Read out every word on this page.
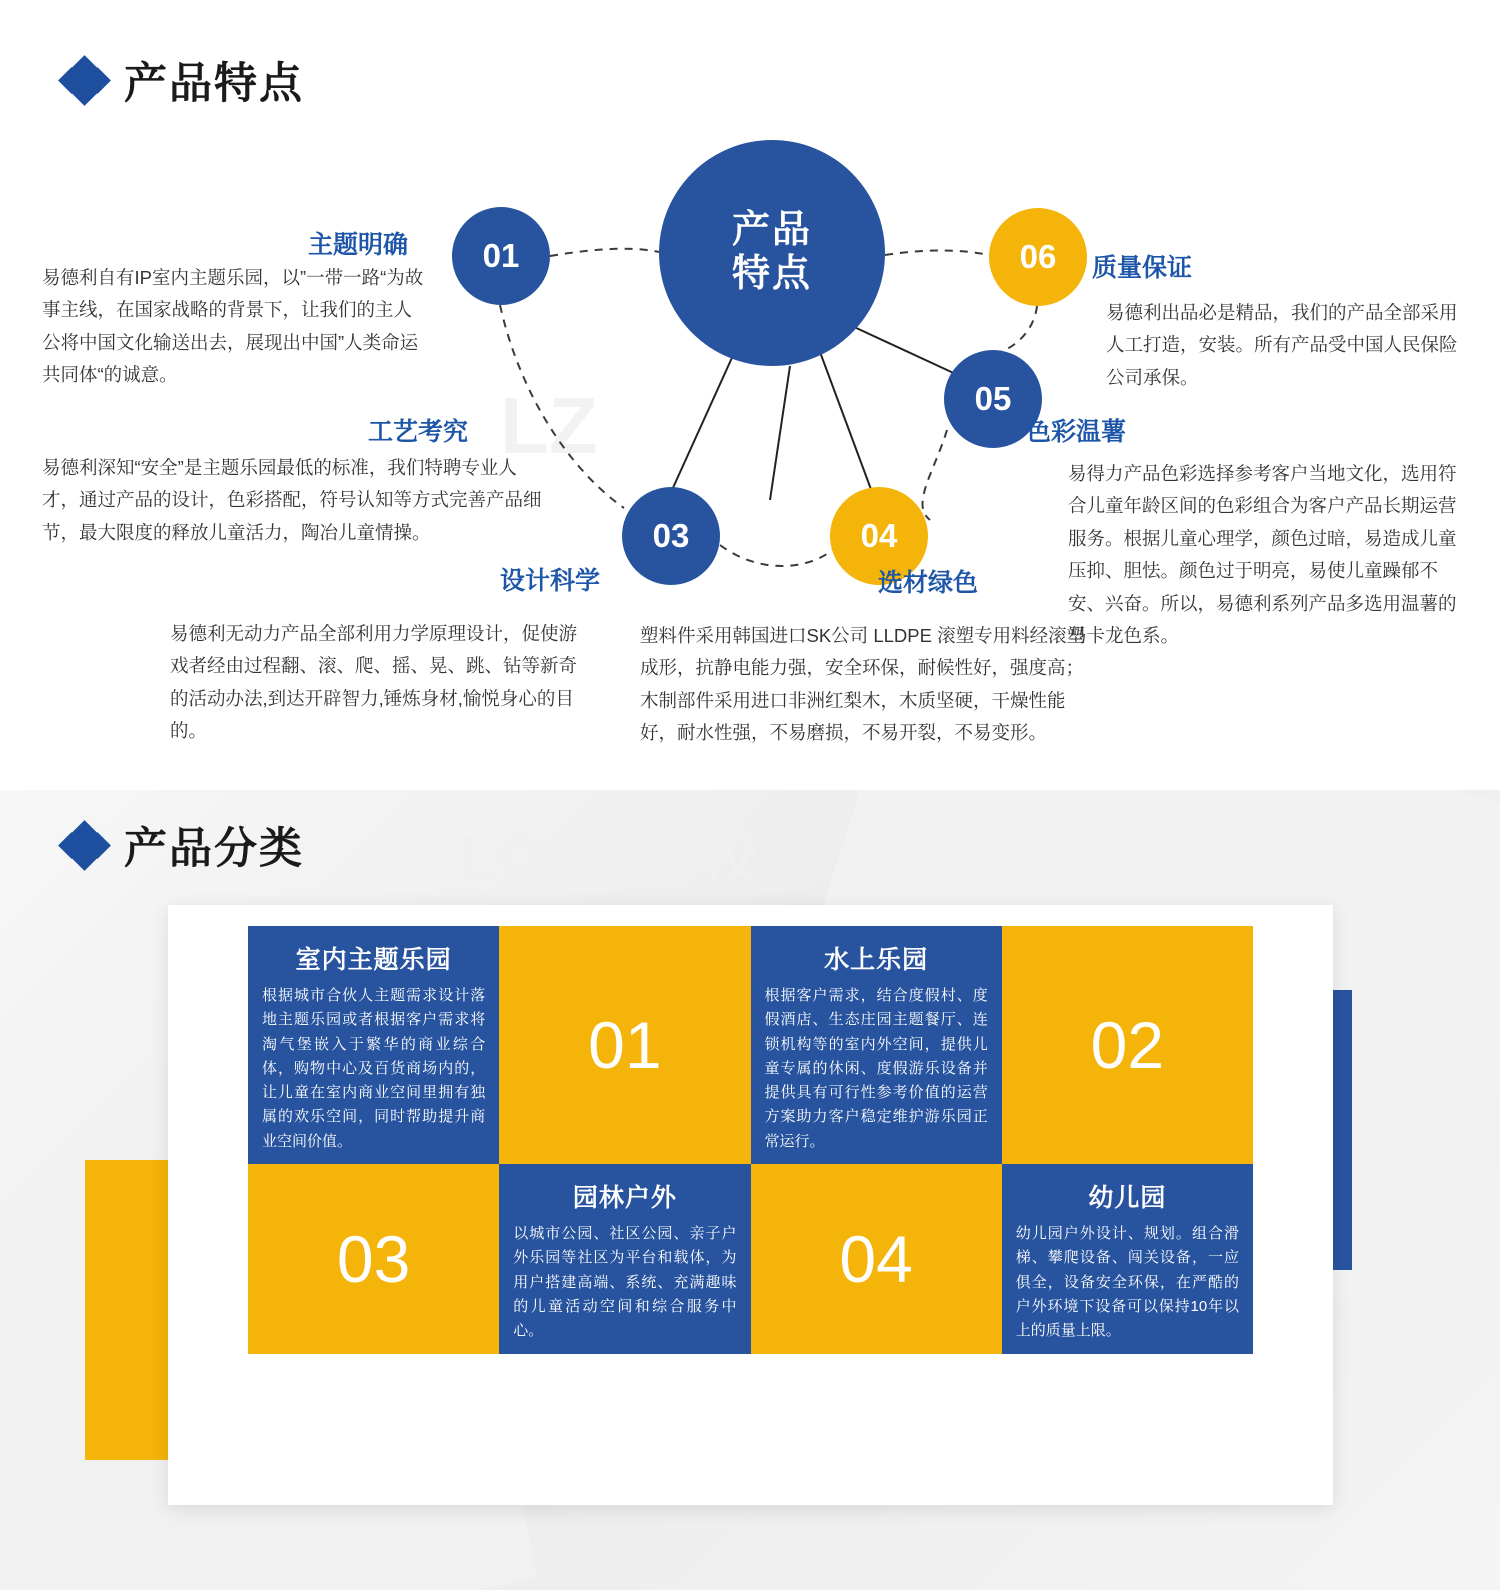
产品特点
LZ
产品
特点
01	06
05
04
03
主题明确
易德利自有IP室内主题乐园，以”一带一路“为故事主线，在国家战略的背景下，让我们的主人公将中国文化输送出去，展现出中国”人类命运共同体“的诚意。
工艺考究
易德利深知“安全”是主题乐园最低的标准，我们特聘专业人才，通过产品的设计，色彩搭配，符号认知等方式完善产品细节，最大限度的释放儿童活力，陶冶儿童情操。
设计科学
易德利无动力产品全部利用力学原理设计，促使游戏者经由过程翻、滚、爬、摇、晃、跳、钻等新奇的活动办法,到达开辟智力,锤炼身材,愉悦身心的目的。
选材绿色
塑料件采用韩国进口SK公司 LLDPE 滚塑专用料经滚塑成形，抗静电能力强，安全环保，耐候性好，强度高；木制部件采用进口非洲红梨木，木质坚硬，干燥性能好，耐水性强，不易磨损，不易开裂，不易变形。
色彩温薯
易得力产品色彩选择参考客户当地文化，选用符合儿童年龄区间的色彩组合为客户产品长期运营服务。根据儿童心理学，颜色过暗，易造成儿童压抑、胆怯。颜色过于明亮，易使儿童躁郁不安、兴奋。所以，易德利系列产品多选用温薯的马卡龙色系。
质量保证
易德利出品必是精品，我们的产品全部采用人工打造，安装。所有产品受中国人民保险公司承保。
产品分类	LOGO比较
室内主题乐园
根据城市合伙人主题需求设计落地主题乐园或者根据客户需求将淘气堡嵌入于繁华的商业综合体，购物中心及百货商场内的，让儿童在室内商业空间里拥有独属的欢乐空间，同时帮助提升商业空间价值。
01
水上乐园
根据客户需求，结合度假村、度假酒店、生态庄园主题餐厅、连锁机构等的室内外空间，提供儿童专属的休闲、度假游乐设备并提供具有可行性参考价值的运营方案助力客户稳定维护游乐园正常运行。
02
03
园林户外
以城市公园、社区公园、亲子户外乐园等社区为平台和载体，为用户搭建高端、系统、充满趣味的儿童活动空间和综合服务中心。
04
幼儿园
幼儿园户外设计、规划。组合滑梯、攀爬设备、闯关设备，一应俱全，设备安全环保，在严酷的户外环境下设备可以保持10年以上的质量上限。
